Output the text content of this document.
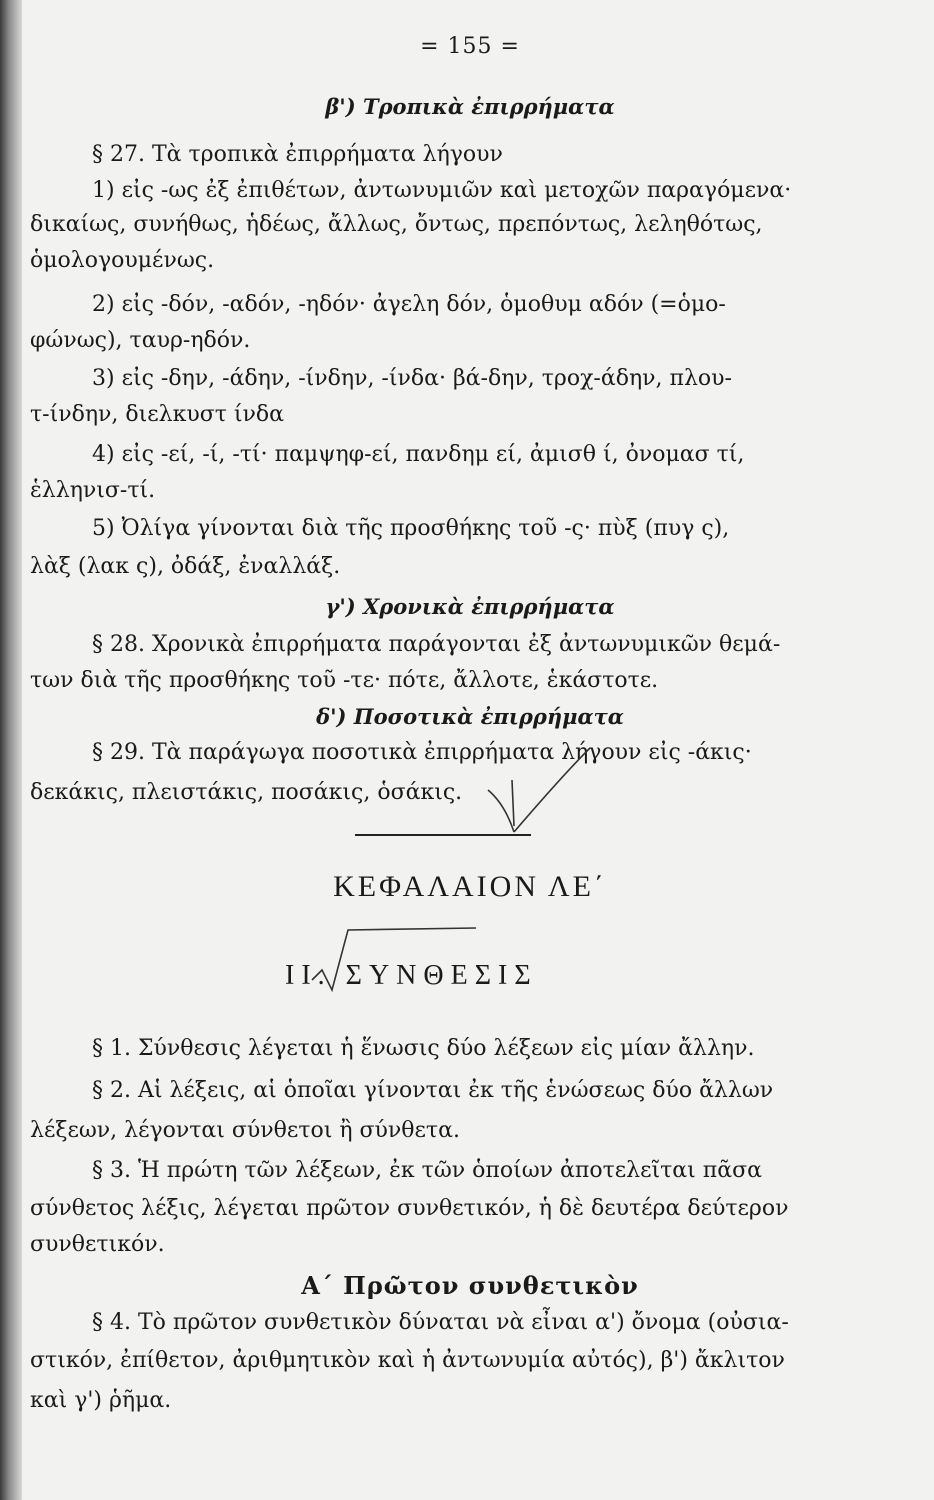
= 155 =
β') Τροπικὰ ἐπιρρήματα
§ 27. Τὰ τροπικὰ ἐπιρρήματα λήγουν
1) εἰς -ως ἐξ ἐπιθέτων, ἀντωνυμιῶν καὶ μετοχῶν παραγόμενα·
δικαίως, συνήθως, ἡδέως, ἄλλως, ὄντως, πρεπόντως, λεληθότως,
ὁμολογουμένως.
2) εἰς -δόν, -αδόν, -ηδόν· ἀγελη δόν, ὁμοθυμ αδόν (=ὁμο-
φώνως), ταυρ-ηδόν.
3) εἰς -δην, -άδην, -ίνδην, -ίνδα· βά-δην, τροχ-άδην, πλου-
τ-ίνδην, διελκυστ ίνδα
4) εἰς -εί, -ί, -τί· παμψηφ-εί, πανδημ εί, ἀμισθ ί, ὀνομασ τί,
ἑλληνισ-τί.
5) Ὀλίγα γίνονται διὰ τῆς προσθήκης τοῦ -ς· πὺξ (πυγ ς),
λὰξ (λακ ς), ὀδάξ, ἐναλλάξ.
γ') Χρονικὰ ἐπιρρήματα
§ 28. Χρονικὰ ἐπιρρήματα παράγονται ἐξ ἀντωνυμικῶν θεμά-
των διὰ τῆς προσθήκης τοῦ -τε· πότε, ἄλλοτε, ἑκάστοτε.
δ') Ποσοτικὰ ἐπιρρήματα
§ 29. Τὰ παράγωγα ποσοτικὰ ἐπιρρήματα λήγουν εἰς -άκις·
δεκάκις, πλειστάκις, ποσάκις, ὁσάκις.
ΚΕΦΑΛΑΙΟΝ ΛΕ΄
ΙΙ. ΣΥΝΘΕΣΙΣ
§ 1. Σύνθεσις λέγεται ἡ ἕνωσις δύο λέξεων εἰς μίαν ἄλλην.
§ 2. Αἱ λέξεις, αἱ ὁποῖαι γίνονται ἐκ τῆς ἑνώσεως δύο ἄλλων
λέξεων, λέγονται σύνθετοι ἢ σύνθετα.
§ 3. Ἡ πρώτη τῶν λέξεων, ἐκ τῶν ὁποίων ἀποτελεῖται πᾶσα
σύνθετος λέξις, λέγεται πρῶτον συνθετικόν, ἡ δὲ δευτέρα δεύτερον
συνθετικόν.
Α΄ Πρῶτον συνθετικὸν
§ 4. Τὸ πρῶτον συνθετικὸν δύναται νὰ εἶναι α') ὄνομα (οὐσια-
στικόν, ἐπίθετον, ἀριθμητικὸν καὶ ἡ ἀντωνυμία αὐτός), β') ἄκλιτον
καὶ γ') ῥῆμα.
